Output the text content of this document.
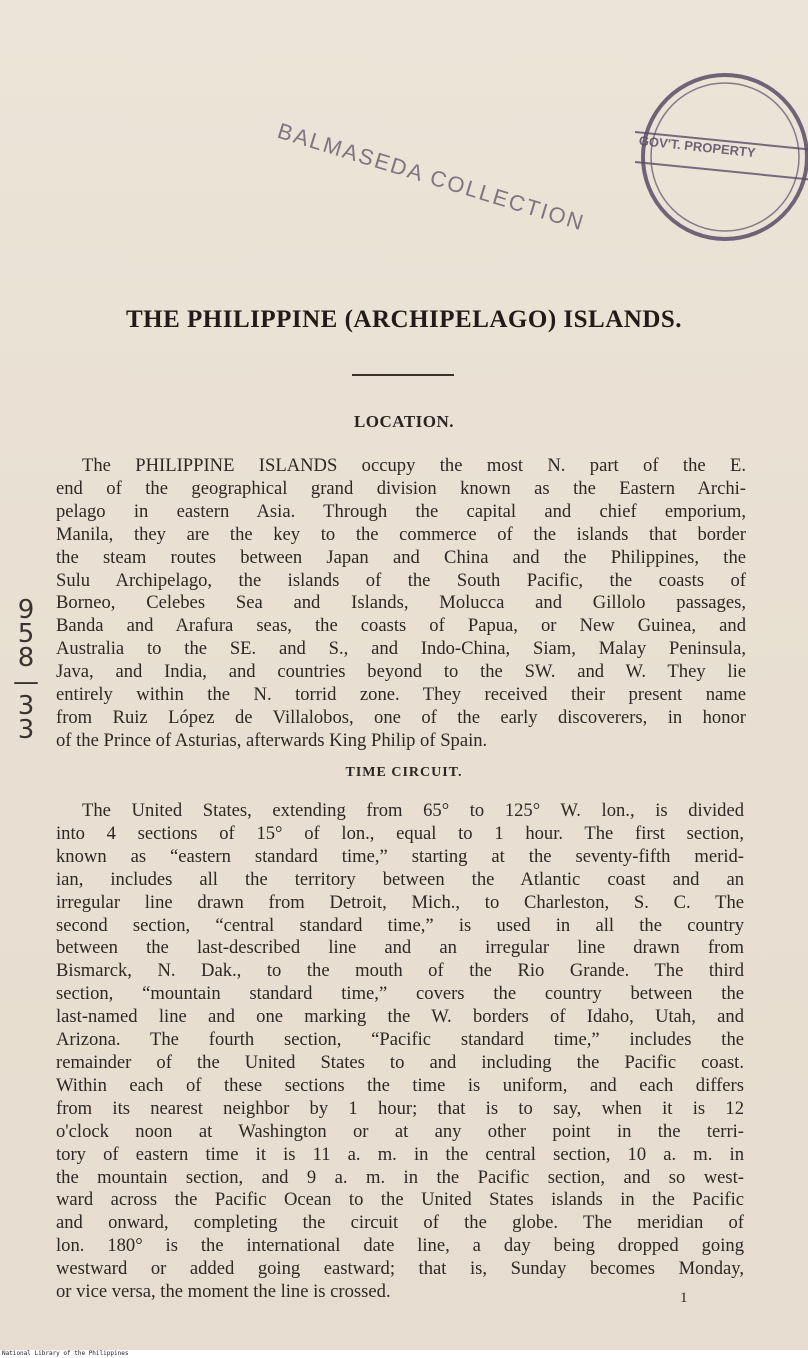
BALMASEDA COLLECTION	GOV'T. PROPERTY
THE PHILIPPINE (ARCHIPELAGO) ISLANDS.
LOCATION.
The PHILIPPINE ISLANDS occupy the most N. part of the E.
end of the geographical grand division known as the Eastern Archi-
pelago in eastern Asia. Through the capital and chief emporium,
Manila, they are the key to the commerce of the islands that border
the steam routes between Japan and China and the Philippines, the
Sulu Archipelago, the islands of the South Pacific, the coasts of
Borneo, Celebes Sea and Islands, Molucca and Gillolo passages,
Banda and Arafura seas, the coasts of Papua, or New Guinea, and
Australia to the SE. and S., and Indo-China, Siam, Malay Peninsula,
Java, and India, and countries beyond to the SW. and W. They lie
entirely within the N. torrid zone. They received their present name
from Ruiz López de Villalobos, one of the early discoverers, in honor
of the Prince of Asturias, afterwards King Philip of Spain.
9
5
8
—
3
3
TIME CIRCUIT.
The United States, extending from 65° to 125° W. lon., is divided
into 4 sections of 15° of lon., equal to 1 hour. The first section,
known as “eastern standard time,” starting at the seventy-fifth merid-
ian, includes all the territory between the Atlantic coast and an
irregular line drawn from Detroit, Mich., to Charleston, S. C. The
second section, “central standard time,” is used in all the country
between the last-described line and an irregular line drawn from
Bismarck, N. Dak., to the mouth of the Rio Grande. The third
section, “mountain standard time,” covers the country between the
last-named line and one marking the W. borders of Idaho, Utah, and
Arizona. The fourth section, “Pacific standard time,” includes the
remainder of the United States to and including the Pacific coast.
Within each of these sections the time is uniform, and each differs
from its nearest neighbor by 1 hour; that is to say, when it is 12
o'clock noon at Washington or at any other point in the terri-
tory of eastern time it is 11 a. m. in the central section, 10 a. m. in
the mountain section, and 9 a. m. in the Pacific section, and so west-
ward across the Pacific Ocean to the United States islands in the Pacific
and onward, completing the circuit of the globe. The meridian of
lon. 180° is the international date line, a day being dropped going
westward or added going eastward; that is, Sunday becomes Monday,
or vice versa, the moment the line is crossed.	1
National Library of the Philippines
